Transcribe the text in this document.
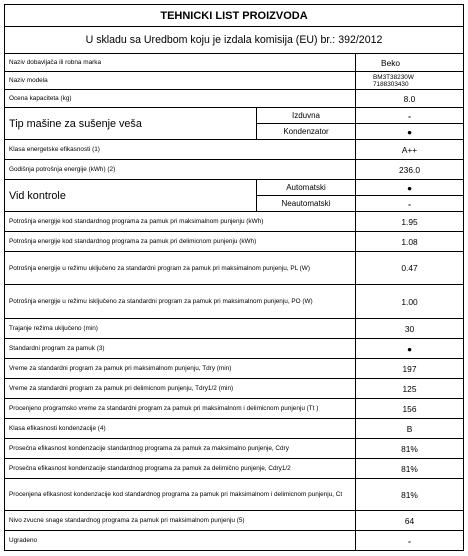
TEHNICKI LIST PROIZVODA		
U skladu sa Uredbom koju je izdala komisija (EU) br.: 392/2012		
Naziv dobavljača ili robna marka		Beko
Naziv modela		BM3T38230W
7188303430
Ocena kapaciteta (kg)		8.0
Tip mašine za sušenje veša	Izduvna	-
	Kondenzator	●
Klasa energetske efikasnosti (1)		A++
Godišnja potrošnja energije (kWh) (2)		236.0
Vid kontrole	Automatski	●
	Neautomatski	-
Potrošnja energije kod standardnog programa za pamuk pri maksimalnom punjenju (kWh)		1.95
Potrošnja energije kod standardnog programa za pamuk pri delimicnom punjenju (kWh)		1.08
Potrošnja energije u režimu uključeno za standardni program za pamuk pri maksimalnom punjenju, PL (W)		0.47
Potrošnja energije u režimu isključeno za standardni program za pamuk pri maksimalnom punjenju, PO (W)		1.00
Trajanje režima uključeno (min)		30
Standardni program za pamuk (3)		●
Vreme za standardni program za pamuk pri maksimalnom punjenju, Tdry (min)		197
Vreme za standardni program za pamuk pri delimicnom punjenju, Tdry1/2 (min)		125
Procenjeno programsko vreme za standardni program za pamuk pri maksimalnom i delimicnom punjenju (Tt )		156
Klasa efikasnosti kondenzacije (4)		B
Prosečna efikasnost kondenzacije standardnog programa za pamuk za maksimalno punjenje, Cdry		81%
Prosečna efikasnost kondenzacije standardnog programa za pamuk za delimično punjenje, Cdry1/2		81%
Procenjena efikasnost kondenzacije kod standardnog programa za pamuk pri maksimalnom i delimicnom punjenju, Ct		81%
Nivo zvucne snage standardnog programa za pamuk pri maksimalnom punjenju (5)		64
Ugradeno		-
